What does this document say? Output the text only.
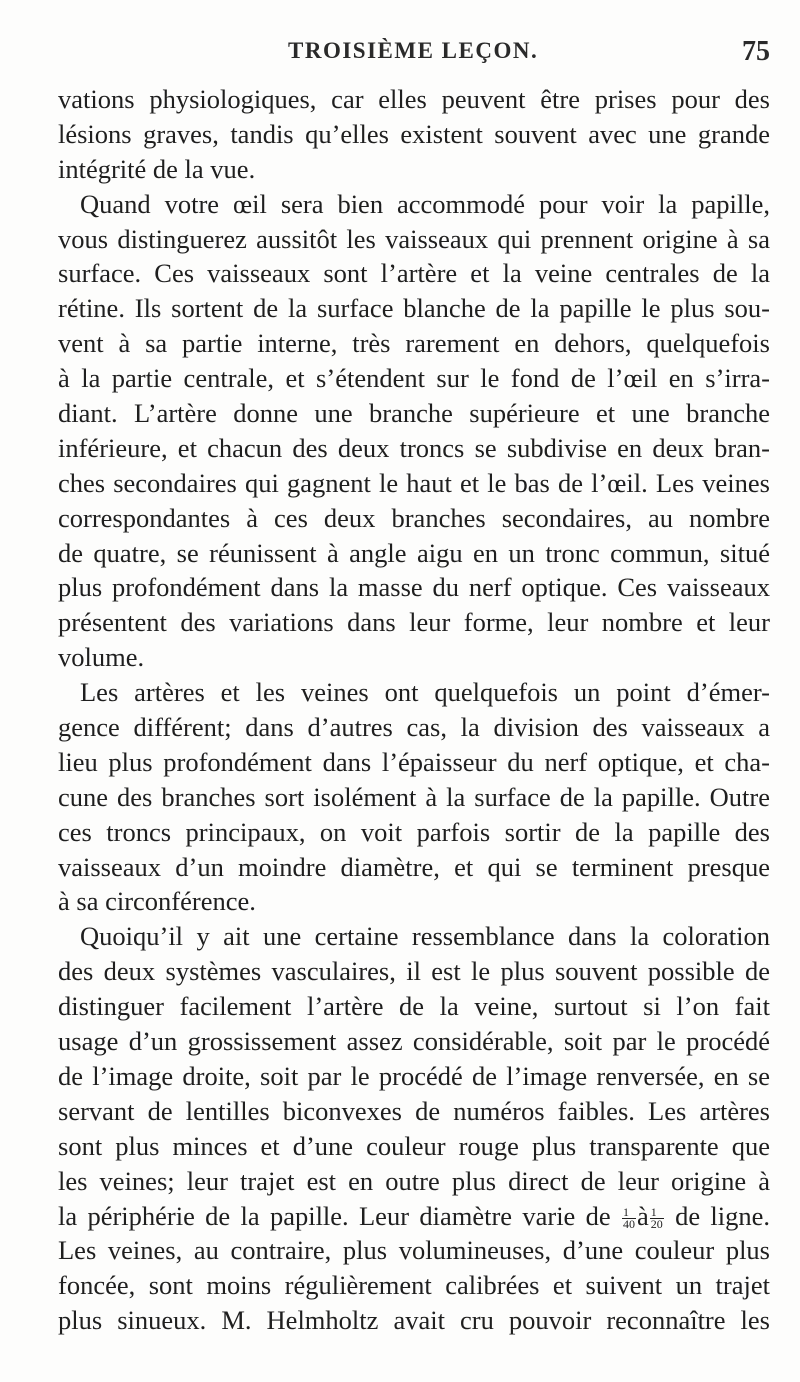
TROISIÈME LEÇON.	75
vations physiologiques, car elles peuvent être prises pour des
lésions graves, tandis qu’elles existent souvent avec une grande
intégrité de la vue.
Quand votre œil sera bien accommodé pour voir la papille,
vous distinguerez aussitôt les vaisseaux qui prennent origine à sa
surface. Ces vaisseaux sont l’artère et la veine centrales de la
rétine. Ils sortent de la surface blanche de la papille le plus sou-
vent à sa partie interne, très rarement en dehors, quelquefois
à la partie centrale, et s’étendent sur le fond de l’œil en s’irra-
diant. L’artère donne une branche supérieure et une branche
inférieure, et chacun des deux troncs se subdivise en deux bran-
ches secondaires qui gagnent le haut et le bas de l’œil. Les veines
correspondantes à ces deux branches secondaires, au nombre
de quatre, se réunissent à angle aigu en un tronc commun, situé
plus profondément dans la masse du nerf optique. Ces vaisseaux
présentent des variations dans leur forme, leur nombre et leur
volume.
Les artères et les veines ont quelquefois un point d’émer-
gence différent; dans d’autres cas, la division des vaisseaux a
lieu plus profondément dans l’épaisseur du nerf optique, et cha-
cune des branches sort isolément à la surface de la papille. Outre
ces troncs principaux, on voit parfois sortir de la papille des
vaisseaux d’un moindre diamètre, et qui se terminent presque
à sa circonférence.
Quoiqu’il y ait une certaine ressemblance dans la coloration
des deux systèmes vasculaires, il est le plus souvent possible de
distinguer facilement l’artère de la veine, surtout si l’on fait
usage d’un grossissement assez considérable, soit par le procédé
de l’image droite, soit par le procédé de l’image renversée, en se
servant de lentilles biconvexes de numéros faibles. Les artères
sont plus minces et d’une couleur rouge plus transparente que
les veines; leur trajet est en outre plus direct de leur origine à
la périphérie de la papille. Leur diamètre varie de $\frac{1}{40}$ à $\frac{1}{20}$ de ligne.
Les veines, au contraire, plus volumineuses, d’une couleur plus
foncée, sont moins régulièrement calibrées et suivent un trajet
plus sinueux. M. Helmholtz avait cru pouvoir reconnaître les
